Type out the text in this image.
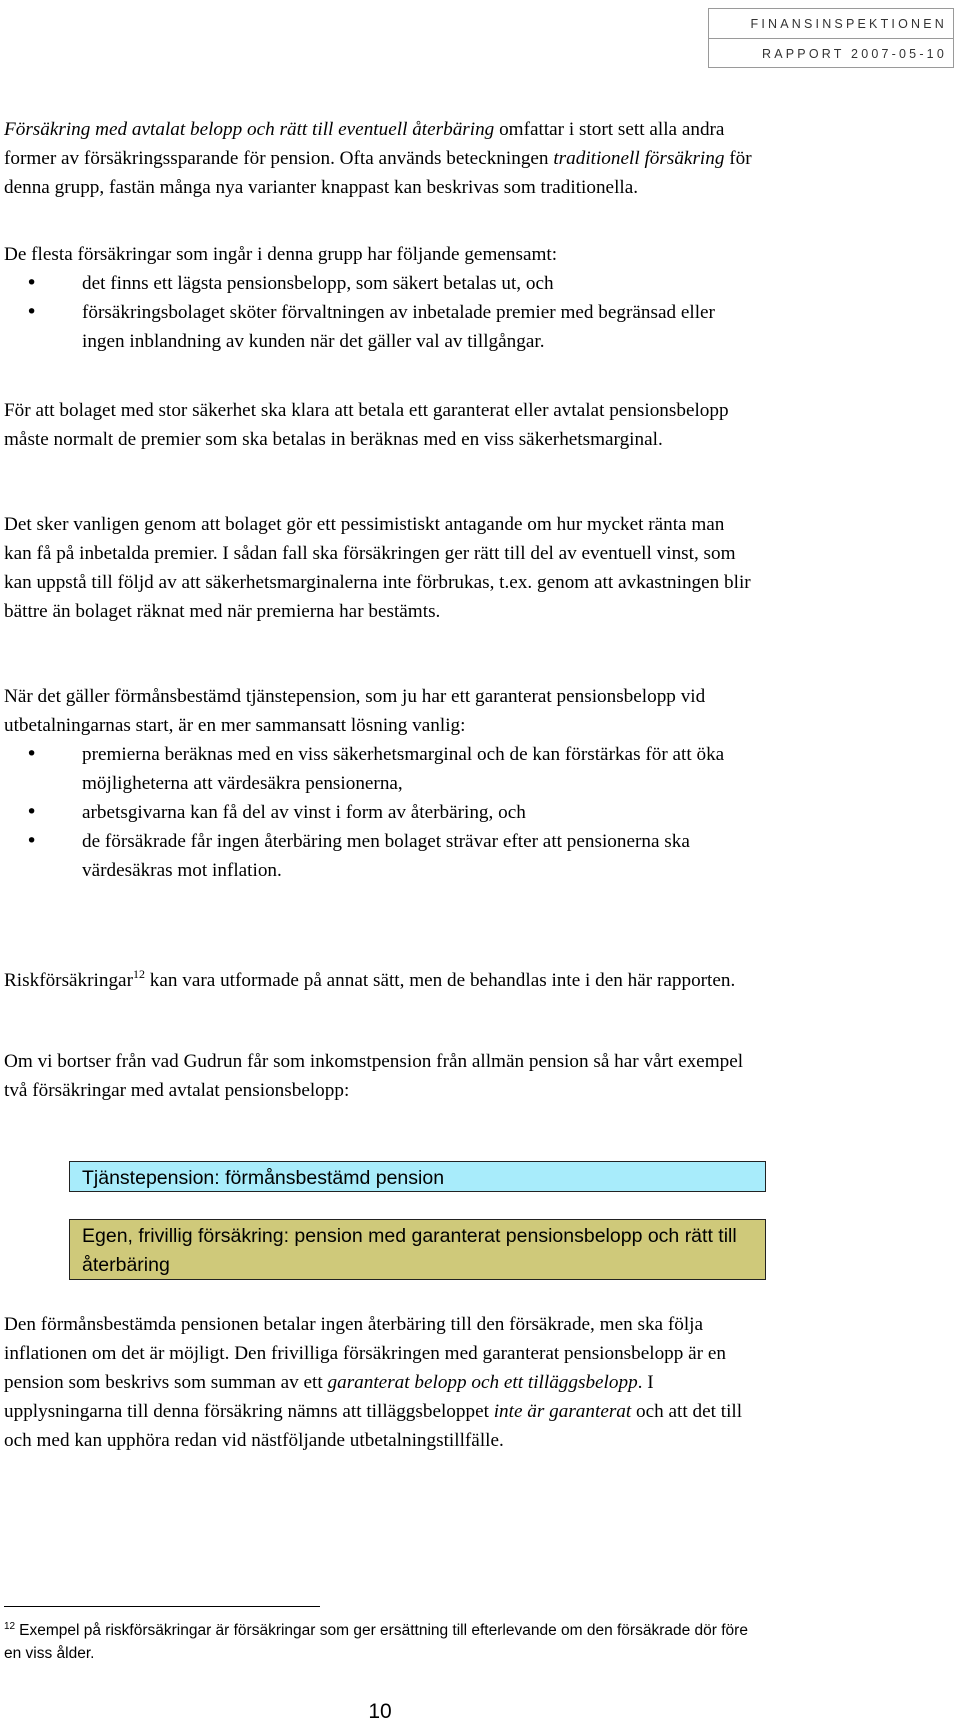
FINANSINSPEKTIONEN
RAPPORT 2007-05-10

Försäkring med avtalat belopp och rätt till eventuell återbäring omfattar i stort sett alla andra former av försäkringssparande för pension. Ofta används beteckningen traditionell försäkring för denna grupp, fastän många nya varianter knappast kan beskrivas som traditionella.

De flesta försäkringar som ingår i denna grupp har följande gemensamt:

• det finns ett lägsta pensionsbelopp, som säkert betalas ut, och
• försäkringsbolaget sköter förvaltningen av inbetalade premier med begränsad eller ingen inblandning av kunden när det gäller val av tillgångar.

För att bolaget med stor säkerhet ska klara att betala ett garanterat eller avtalat pensionsbelopp måste normalt de premier som ska betalas in beräknas med en viss säkerhetsmarginal.

Det sker vanligen genom att bolaget gör ett pessimistiskt antagande om hur mycket ränta man kan få på inbetalda premier. I sådan fall ska försäkringen ger rätt till del av eventuell vinst, som kan uppstå till följd av att säkerhetsmarginalerna inte förbrukas, t.ex. genom att avkastningen blir bättre än bolaget räknat med när premierna har bestämts.

När det gäller förmånsbestämd tjänstepension, som ju har ett garanterat pensionsbelopp vid utbetalningarnas start, är en mer sammansatt lösning vanlig:

• premierna beräknas med en viss säkerhetsmarginal och de kan förstärkas för att öka möjligheterna att värdesäkra pensionerna,
• arbetsgivarna kan få del av vinst i form av återbäring, och
• de försäkrade får ingen återbäring men bolaget strävar efter att pensionerna ska värdesäkras mot inflation.

Riskförsäkringar$^{12}$ kan vara utformade på annat sätt, men de behandlas inte i den här rapporten.

Om vi bortser från vad Gudrun får som inkomstpension från allmän pension så har vårt exempel två försäkringar med avtalat pensionsbelopp:

Tjänstepension: förmånsbestämd pension
Egen, frivillig försäkring: pension med garanterat pensionsbelopp och rätt till återbäring

Den förmånsbestämda pensionen betalar ingen återbäring till den försäkrade, men ska följa inflationen om det är möjligt. Den frivilliga försäkringen med garanterat pensionsbelopp är en pension som beskrivs som summan av ett garanterat belopp och ett tilläggsbelopp. I upplysningarna till denna försäkring nämns att tilläggsbeloppet inte är garanterat och att det till och med kan upphöra redan vid nästföljande utbetalningstillfälle.

$^{12}$ Exempel på riskförsäkringar är försäkringar som ger ersättning till efterlevande om den försäkrade dör före en viss ålder.

10
